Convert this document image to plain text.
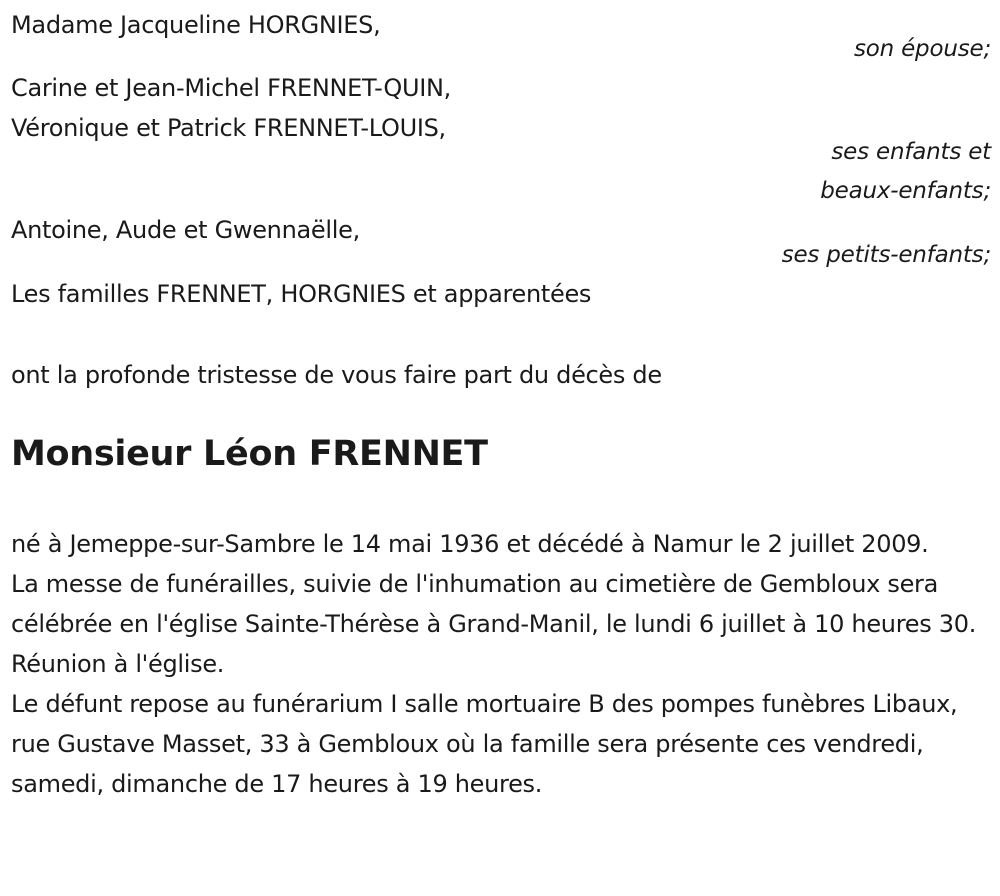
Madame Jacqueline HORGNIES,
son épouse;
Carine et Jean-Michel FRENNET-QUIN,
Véronique et Patrick FRENNET-LOUIS,
ses enfants et
beaux-enfants;
Antoine, Aude et Gwennaëlle,
ses petits-enfants;
Les familles FRENNET, HORGNIES et apparentées
ont la profonde tristesse de vous faire part du décès de
Monsieur Léon FRENNET

né à Jemeppe-sur-Sambre le 14 mai 1936 et décédé à Namur le 2 juillet 2009.

La messe de funérailles, suivie de l'inhumation au cimetière de Gembloux sera célébrée en l'église Sainte-Thérèse à Grand-Manil, le lundi 6 juillet à 10 heures 30.

Réunion à l'église.

Le défunt repose au funérarium I salle mortuaire B des pompes funèbres Libaux, rue Gustave Masset, 33 à Gembloux où la famille sera présente ces vendredi, samedi, dimanche de 17 heures à 19 heures.
